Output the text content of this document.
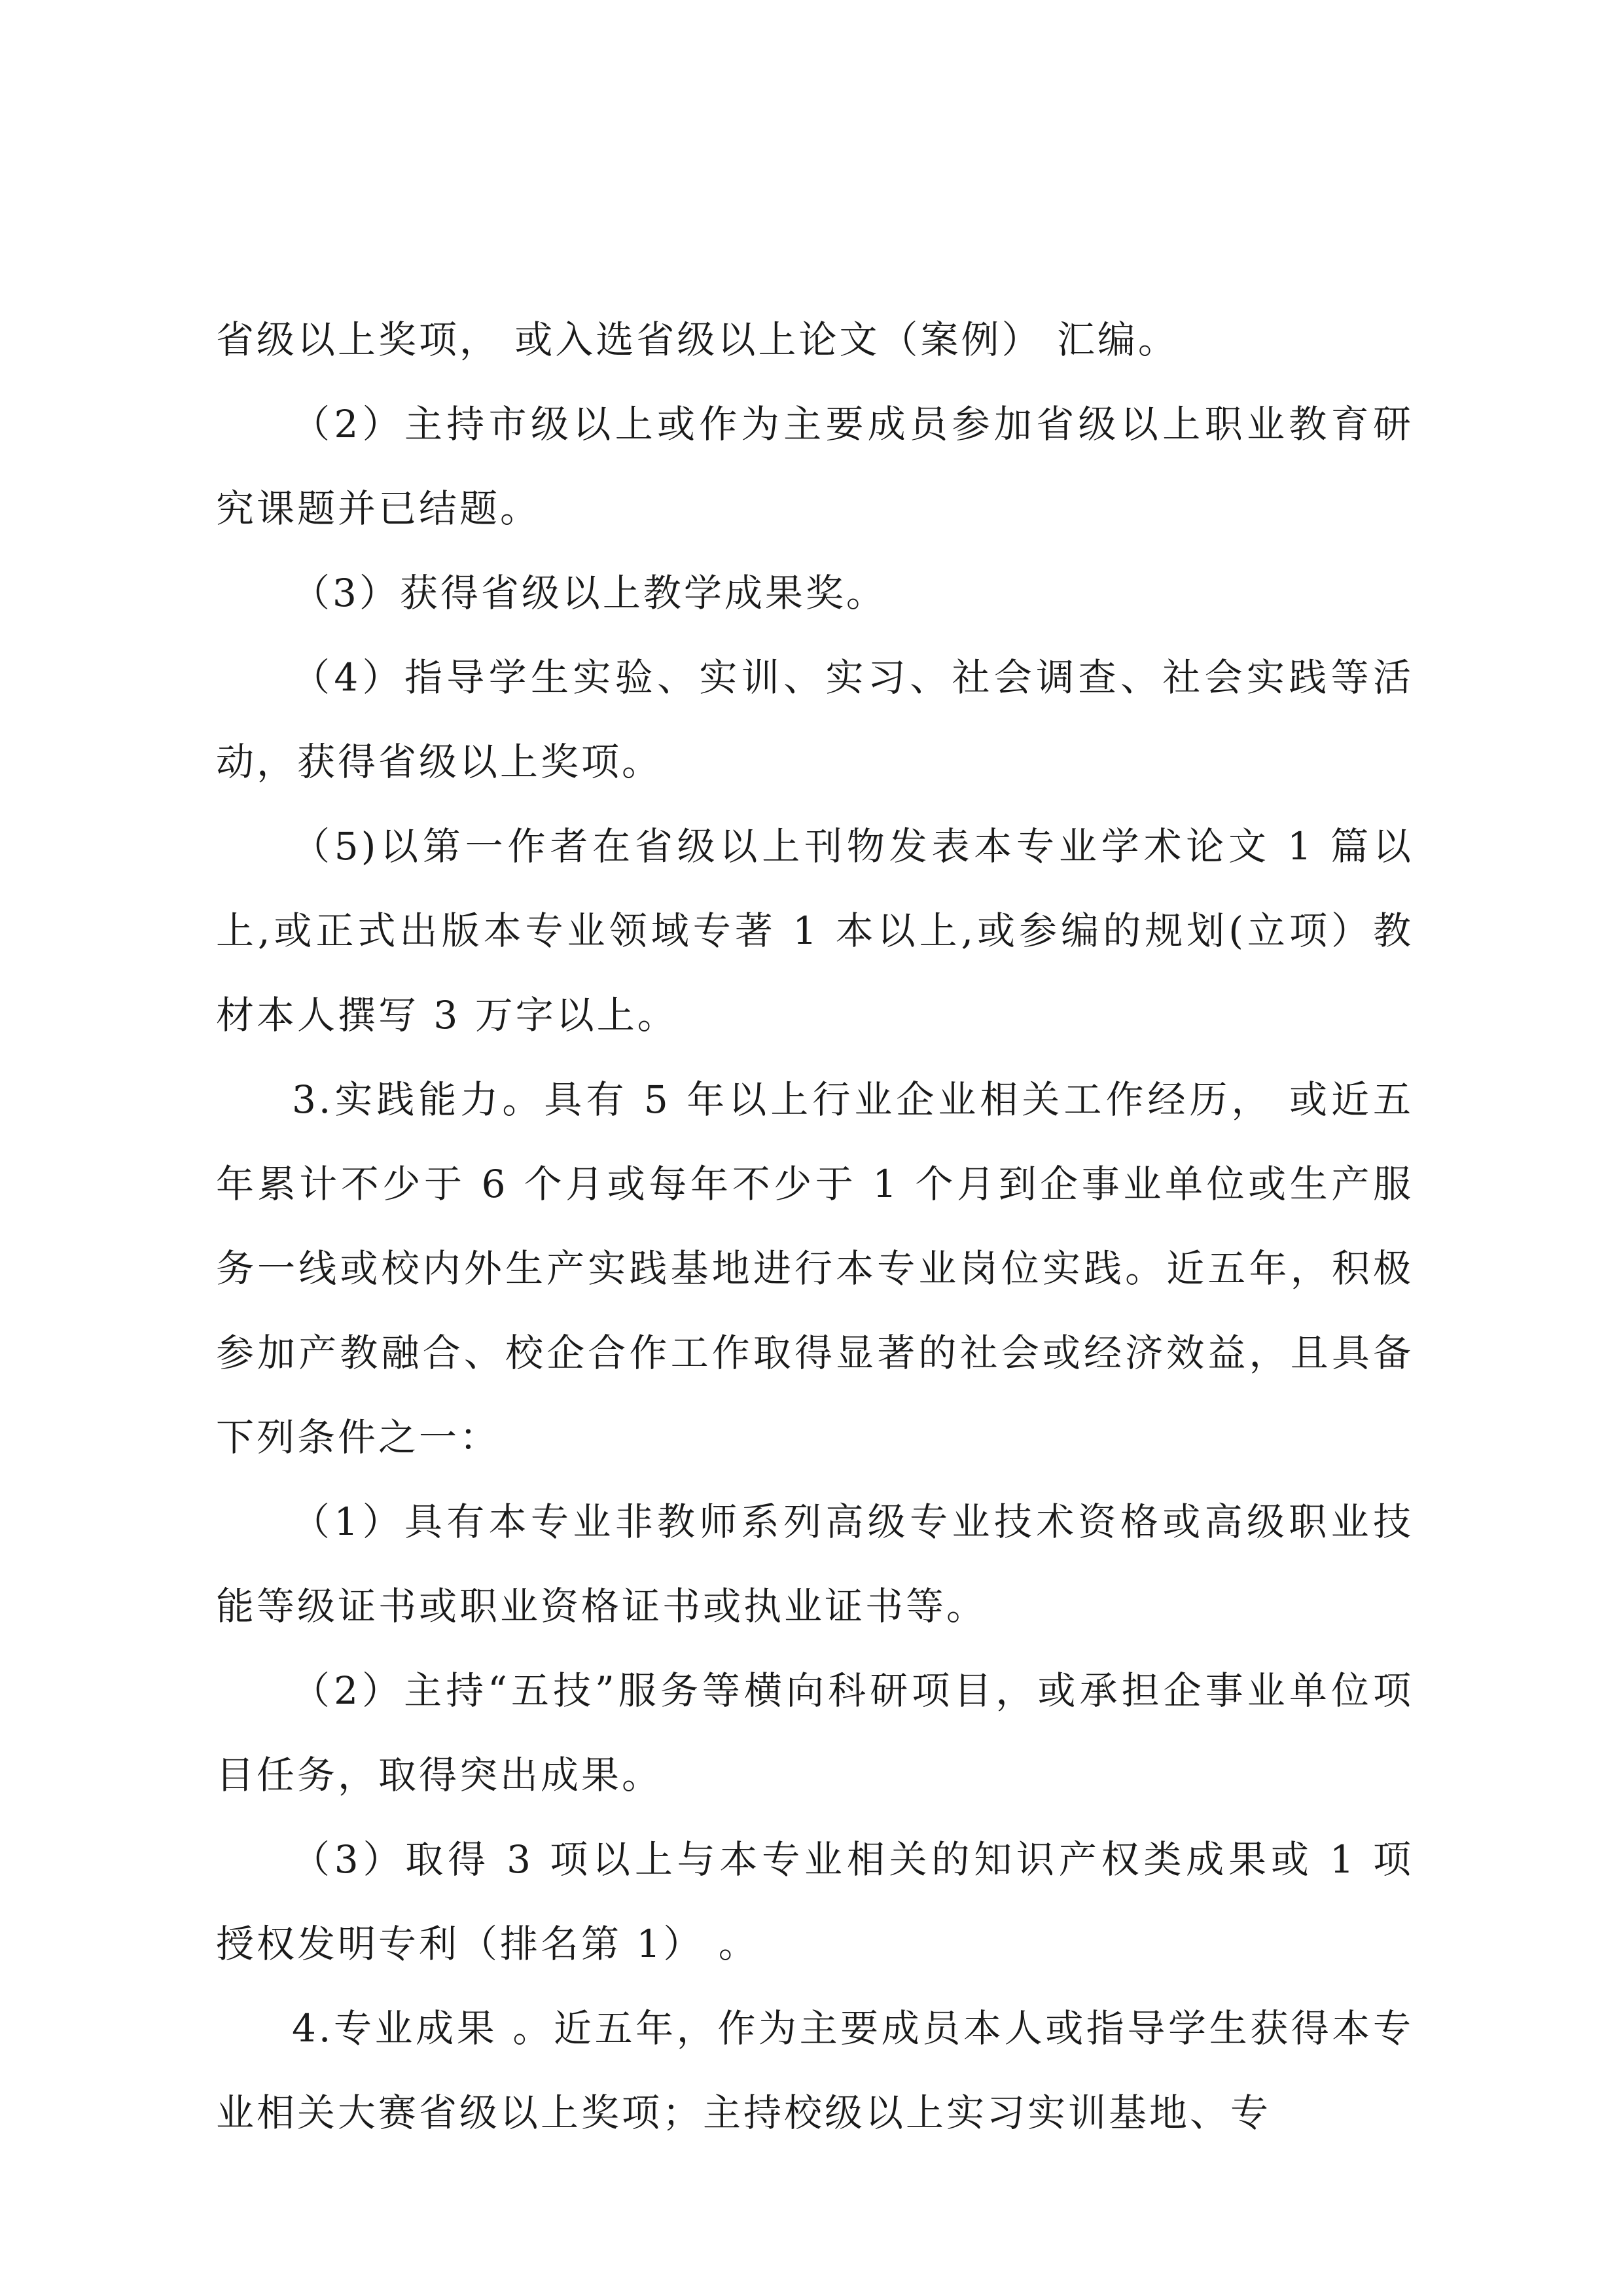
省级以上奖项， 或入选省级以上论文（案例） 汇编。

（2）主持市级以上或作为主要成员参加省级以上职业教育研究课题并已结题。

（3）获得省级以上教学成果奖。

（4）指导学生实验、实训、实习、社会调查、社会实践等活动，获得省级以上奖项。

（5)以第一作者在省级以上刊物发表本专业学术论文 1 篇以上,或正式出版本专业领域专著 1 本以上,或参编的规划(立项）教材本人撰写 3 万字以上。

3.实践能力。具有 5 年以上行业企业相关工作经历， 或近五 年累计不少于 6 个月或每年不少于 1 个月到企事业单位或生产服 务一线或校内外生产实践基地进行本专业岗位实践。近五年，积极参加产教融合、校企合作工作取得显著的社会或经济效益，且具备下列条件之一：

（1）具有本专业非教师系列高级专业技术资格或高级职业技能等级证书或职业资格证书或执业证书等。

（2）主持“五技”服务等横向科研项目，或承担企事业单位项目任务，取得突出成果。

（3）取得 3 项以上与本专业相关的知识产权类成果或 1 项 授权发明专利（排名第 1） 。

4.专业成果 。近五年，作为主要成员本人或指导学生获得本专业相关大赛省级以上奖项；主持校级以上实习实训基地、专
